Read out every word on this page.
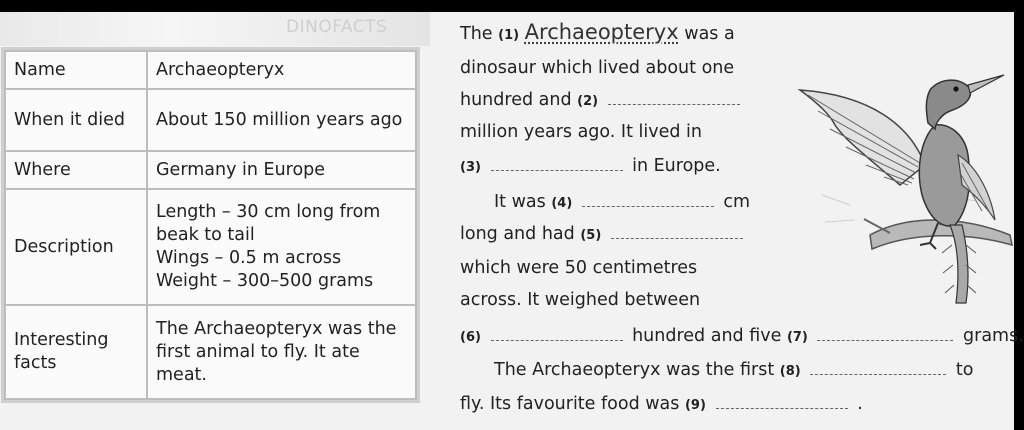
DINOFACTS
Name	Archaeopteryx
When it died	About 150 million years ago
Where	Germany in Europe
Description	Length – 30 cm long from beak to tail
Wings – 0.5 m across
Weight – 300–500 grams

Interesting facts	The Archaeopteryx was the first animal to fly. It ate meat.
The (1) Archaeopteryx was a
dinosaur which lived about one
hundred and (2)
million years ago. It lived in
(3)	in Europe.
It was (4)	cm
long and had (5)
which were 50 centimetres
across. It weighed between
(6)	hundred and five (7)	grams.
The Archaeopteryx was the first (8)	to
fly. Its favourite food was (9)	.
